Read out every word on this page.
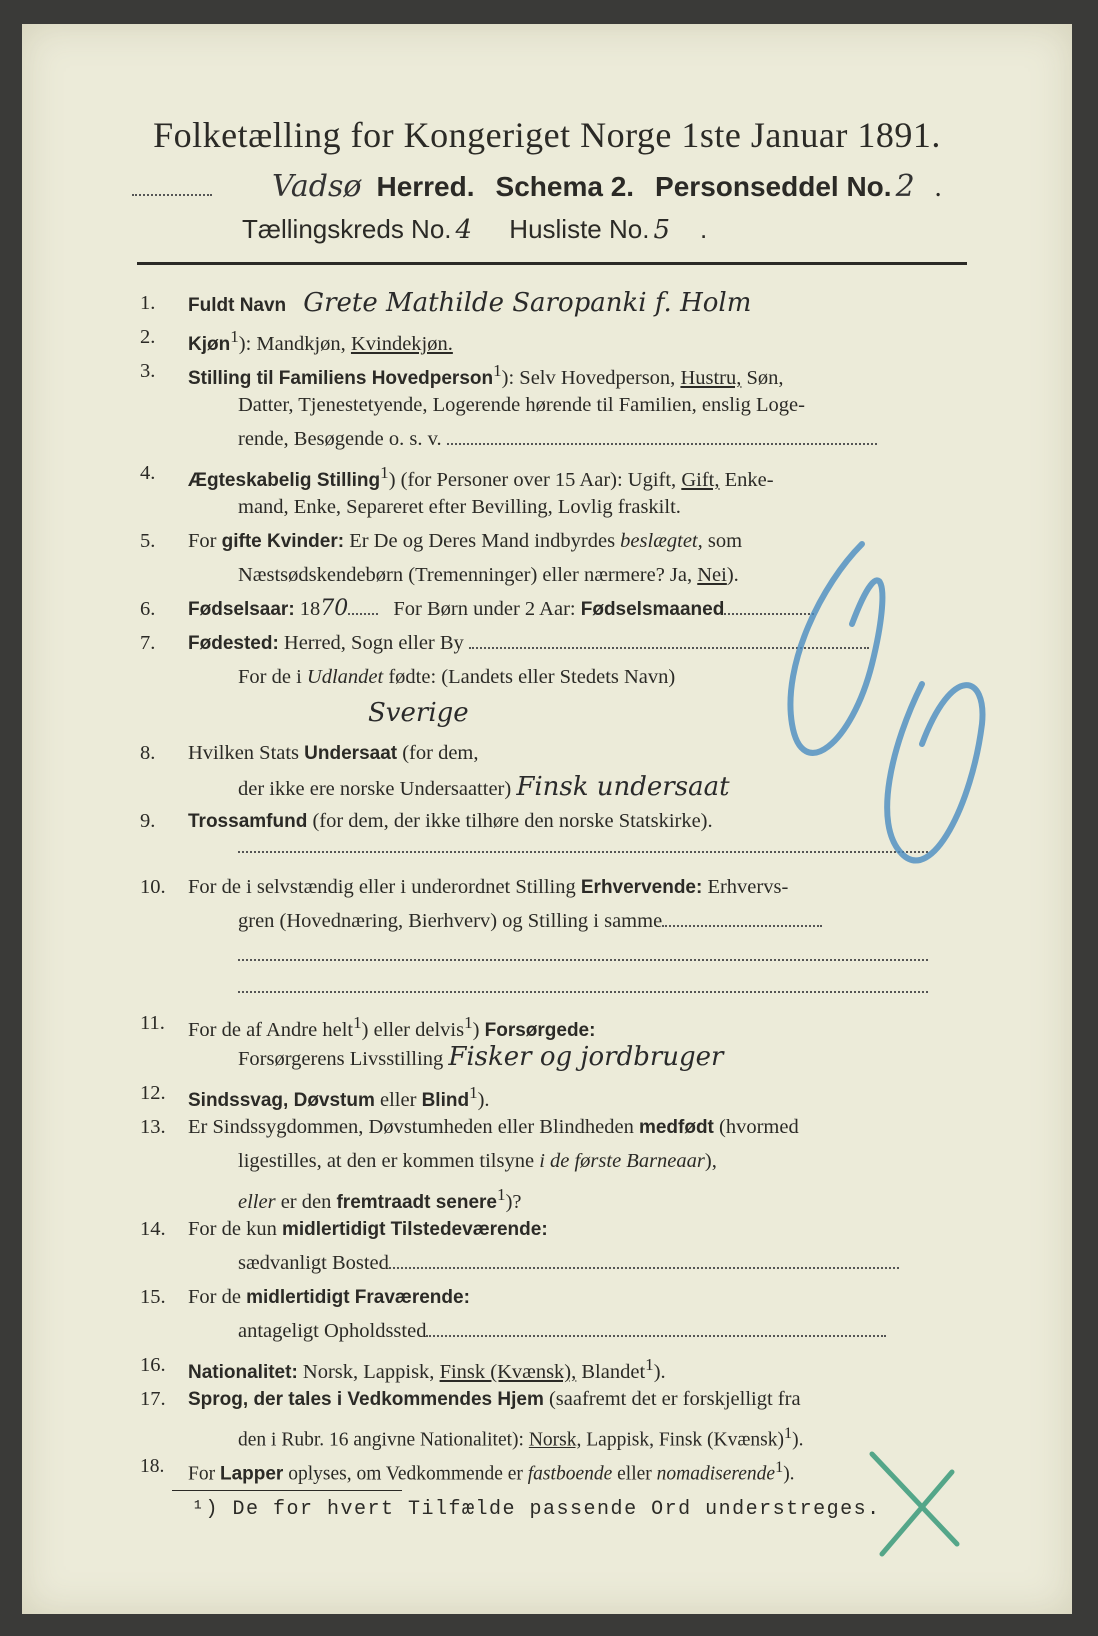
Folketælling for Kongeriget Norge 1ste Januar 1891.
Vadsø Herred. Schema 2. Personseddel No. 2 .
Tællingskreds No. 4 Husliste No. 5 .
1.	Fuldt Navn Grete Mathilde Saropanki f. Holm
2.	Kjøn$^1$): Mandkjøn, Kvindekjøn.
3.	Stilling til Familiens Hovedperson$^1$): Selv Hovedperson, Hustru, Søn,
Datter, Tjenestetyende, Logerende hørende til Familien, enslig Loge-
rende, Besøgende o. s. v.
4.	Ægteskabelig Stilling$^1$) (for Personer over 15 Aar): Ugift, Gift, Enke-
mand, Enke, Separeret efter Bevilling, Lovlig fraskilt.
5.	For gifte Kvinder: Er De og Deres Mand indbyrdes beslægtet, som
Næstsødskendebørn (Tremenninger) eller nærmere? Ja, Nei).
6.	Fødselsaar: 1870 For Børn under 2 Aar: Fødselsmaaned
7.	Fødested: Herred, Sogn eller By
For de i Udlandet fødte: (Landets eller Stedets Navn)
Sverige
8.	Hvilken Stats Undersaat (for dem,
der ikke ere norske Undersaatter) Finsk undersaat
9.	Trossamfund (for dem, der ikke tilhøre den norske Statskirke).
10.	For de i selvstændig eller i underordnet Stilling Erhvervende: Erhvervs-
gren (Hovednæring, Bierhverv) og Stilling i samme
11.	For de af Andre helt$^1$) eller delvis$^1$) Forsørgede:
Forsørgerens Livsstilling Fisker og jordbruger
12.	Sindssvag, Døvstum eller Blind$^1$).
13.	Er Sindssygdommen, Døvstumheden eller Blindheden medfødt (hvormed
ligestilles, at den er kommen tilsyne i de første Barneaar),
eller er den fremtraadt senere$^1$)?
14.	For de kun midlertidigt Tilstedeværende:
sædvanligt Bosted
15.	For de midlertidigt Fraværende:
antageligt Opholdssted
16.	Nationalitet: Norsk, Lappisk, Finsk (Kvænsk), Blandet$^1$).
17.	Sprog, der tales i Vedkommendes Hjem (saafremt det er forskjelligt fra
den i Rubr. 16 angivne Nationalitet): Norsk, Lappisk, Finsk (Kvænsk)$^1$).
18.	For Lapper oplyses, om Vedkommende er fastboende eller nomadiserende$^1$).
¹) De for hvert Tilfælde passende Ord understreges.
